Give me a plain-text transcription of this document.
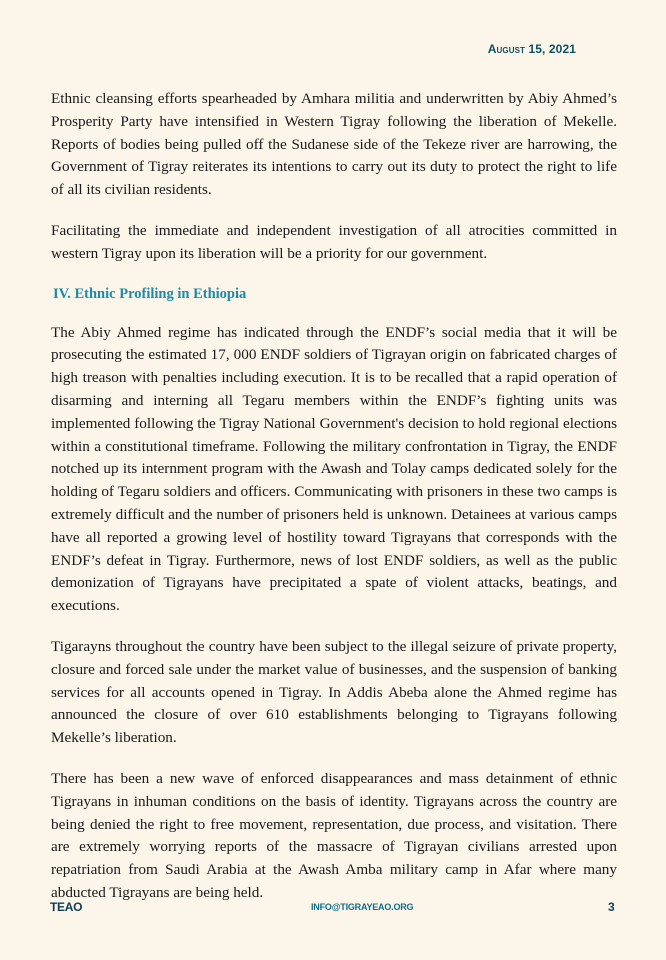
August 15, 2021

Ethnic cleansing efforts spearheaded by Amhara militia and underwritten by Abiy Ahmed’s Prosperity Party have intensified in Western Tigray following the liberation of Mekelle. Reports of bodies being pulled off the Sudanese side of the Tekeze river are harrowing, the Government of Tigray reiterates its intentions to carry out its duty to protect the right to life of all its civilian residents.

Facilitating the immediate and independent investigation of all atrocities committed in western Tigray upon its liberation will be a priority for our government.

IV. Ethnic Profiling in Ethiopia

The Abiy Ahmed regime has indicated through the ENDF’s social media that it will be prosecuting the estimated 17, 000 ENDF soldiers of Tigrayan origin on fabricated charges of high treason with penalties including execution. It is to be recalled that a rapid operation of disarming and interning all Tegaru members within the ENDF’s fighting units was implemented following the Tigray National Government's decision to hold regional elections within a constitutional timeframe. Following the military confrontation in Tigray, the ENDF notched up its internment program with the Awash and Tolay camps dedicated solely for the holding of Tegaru soldiers and officers. Communicating with prisoners in these two camps is extremely difficult and the number of prisoners held is unknown. Detainees at various camps have all reported a growing level of hostility toward Tigrayans that corresponds with the ENDF’s defeat in Tigray. Furthermore, news of lost ENDF soldiers, as well as the public demonization of Tigrayans have precipitated a spate of violent attacks, beatings, and executions.

Tigarayns throughout the country have been subject to the illegal seizure of private property, closure and forced sale under the market value of businesses, and the suspension of banking services for all accounts opened in Tigray. In Addis Abeba alone the Ahmed regime has announced the closure of over 610 establishments belonging to Tigrayans following Mekelle’s liberation.

There has been a new wave of enforced disappearances and mass detainment of ethnic Tigrayans in inhuman conditions on the basis of identity. Tigrayans across the country are being denied the right to free movement, representation, due process, and visitation. There are extremely worrying reports of the massacre of Tigrayan civilians arrested upon repatriation from Saudi Arabia at the Awash Amba military camp in Afar where many abducted Tigrayans are being held.

TEAO	INFO@TIGRAYEAO.ORG	3
